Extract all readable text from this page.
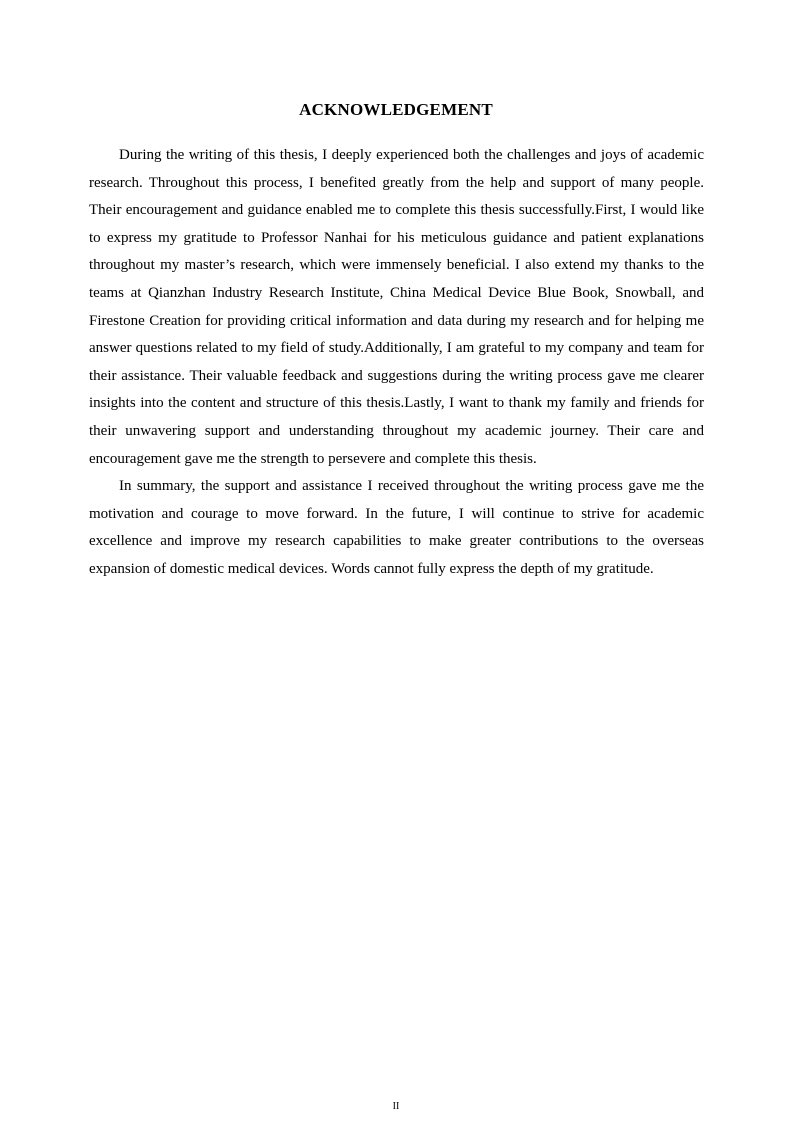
ACKNOWLEDGEMENT

During the writing of this thesis, I deeply experienced both the challenges and joys of academic research. Throughout this process, I benefited greatly from the help and support of many people. Their encouragement and guidance enabled me to complete this thesis successfully.First, I would like to express my gratitude to Professor Nanhai for his meticulous guidance and patient explanations throughout my master’s research, which were immensely beneficial. I also extend my thanks to the teams at Qianzhan Industry Research Institute, China Medical Device Blue Book, Snowball, and Firestone Creation for providing critical information and data during my research and for helping me answer questions related to my field of study.Additionally, I am grateful to my company and team for their assistance. Their valuable feedback and suggestions during the writing process gave me clearer insights into the content and structure of this thesis.Lastly, I want to thank my family and friends for their unwavering support and understanding throughout my academic journey. Their care and encouragement gave me the strength to persevere and complete this thesis.

In summary, the support and assistance I received throughout the writing process gave me the motivation and courage to move forward. In the future, I will continue to strive for academic excellence and improve my research capabilities to make greater contributions to the overseas expansion of domestic medical devices. Words cannot fully express the depth of my gratitude.

II
